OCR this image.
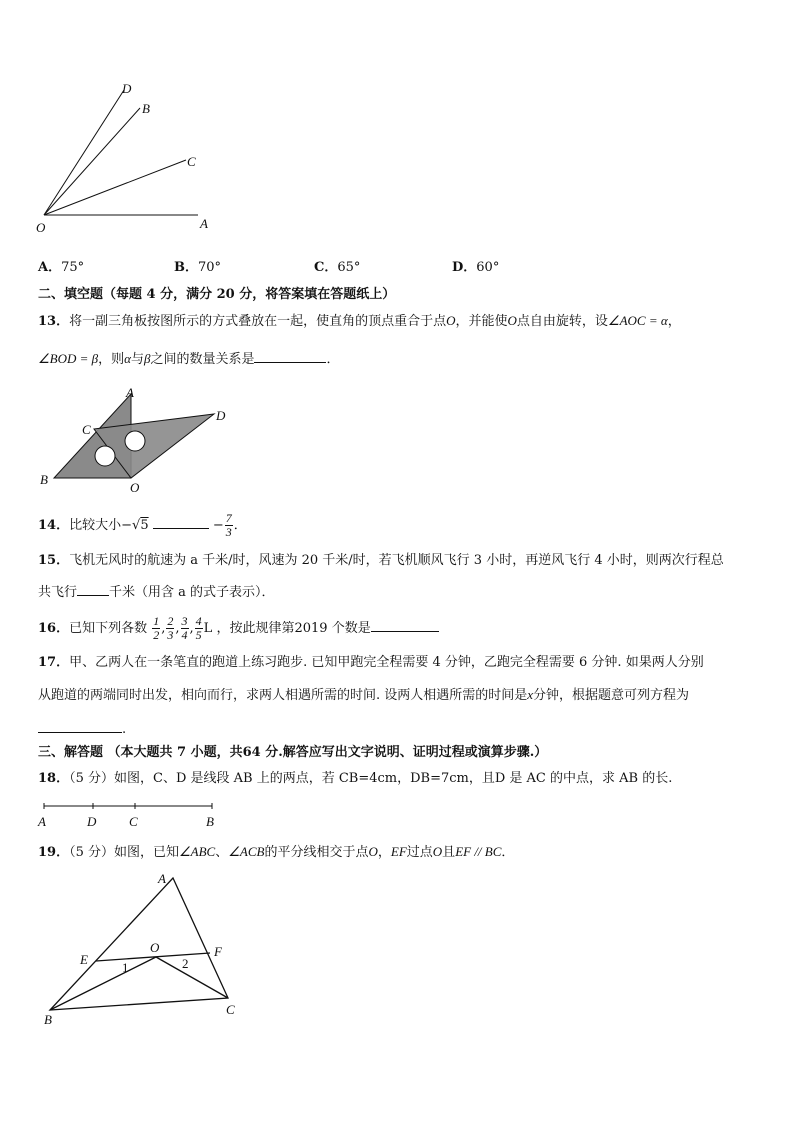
D
B
C
O	A
A．75°	B．70°	C．65°	D．60°
二、填空题（每题 4 分，满分 20 分，将答案填在答题纸上）
13．将一副三角板按图所示的方式叠放在一起，使直角的顶点重合于点O，并能使O点自由旋转，设∠AOC = α，
∠BOD = β，则α与β之间的数量关系是	．
A
C
D
B
O
14．比较大小−√5	− $\frac{7}{3}$ ．
15．飞机无风时的航速为 a 千米/时，风速为 20 千米/时，若飞机顺风飞行 3 小时，再逆风飞行 4 小时，则两次行程总
共飞行 千米（用含 a 的式子表示）．
16．已知下列各数 $\frac{1}{2}$ , $\frac{2}{3}$ , $\frac{3}{4}$ , $\frac{4}{5}$ L ，按此规律第2019 个数是
17．甲、乙两人在一条笔直的跑道上练习跑步. 已知甲跑完全程需要 4 分钟，乙跑完全程需要 6 分钟. 如果两人分别
从跑道的两端同时出发，相向而行，求两人相遇所需的时间. 设两人相遇所需的时间是x分钟，根据题意可列方程为
.
三、解答题 （本大题共 7 小题，共64 分.解答应写出文字说明、证明过程或演算步骤.）
18．（5 分）如图，C、D 是线段 AB 上的两点，若 CB=4cm，DB=7cm，且D 是 AC 的中点，求 AB 的长.
A	D	C	B
19．（5 分）如图，已知∠ABC、∠ACB的平分线相交于点O，EF过点O且EF // BC．
A
E
O	F
1	2
B
C
